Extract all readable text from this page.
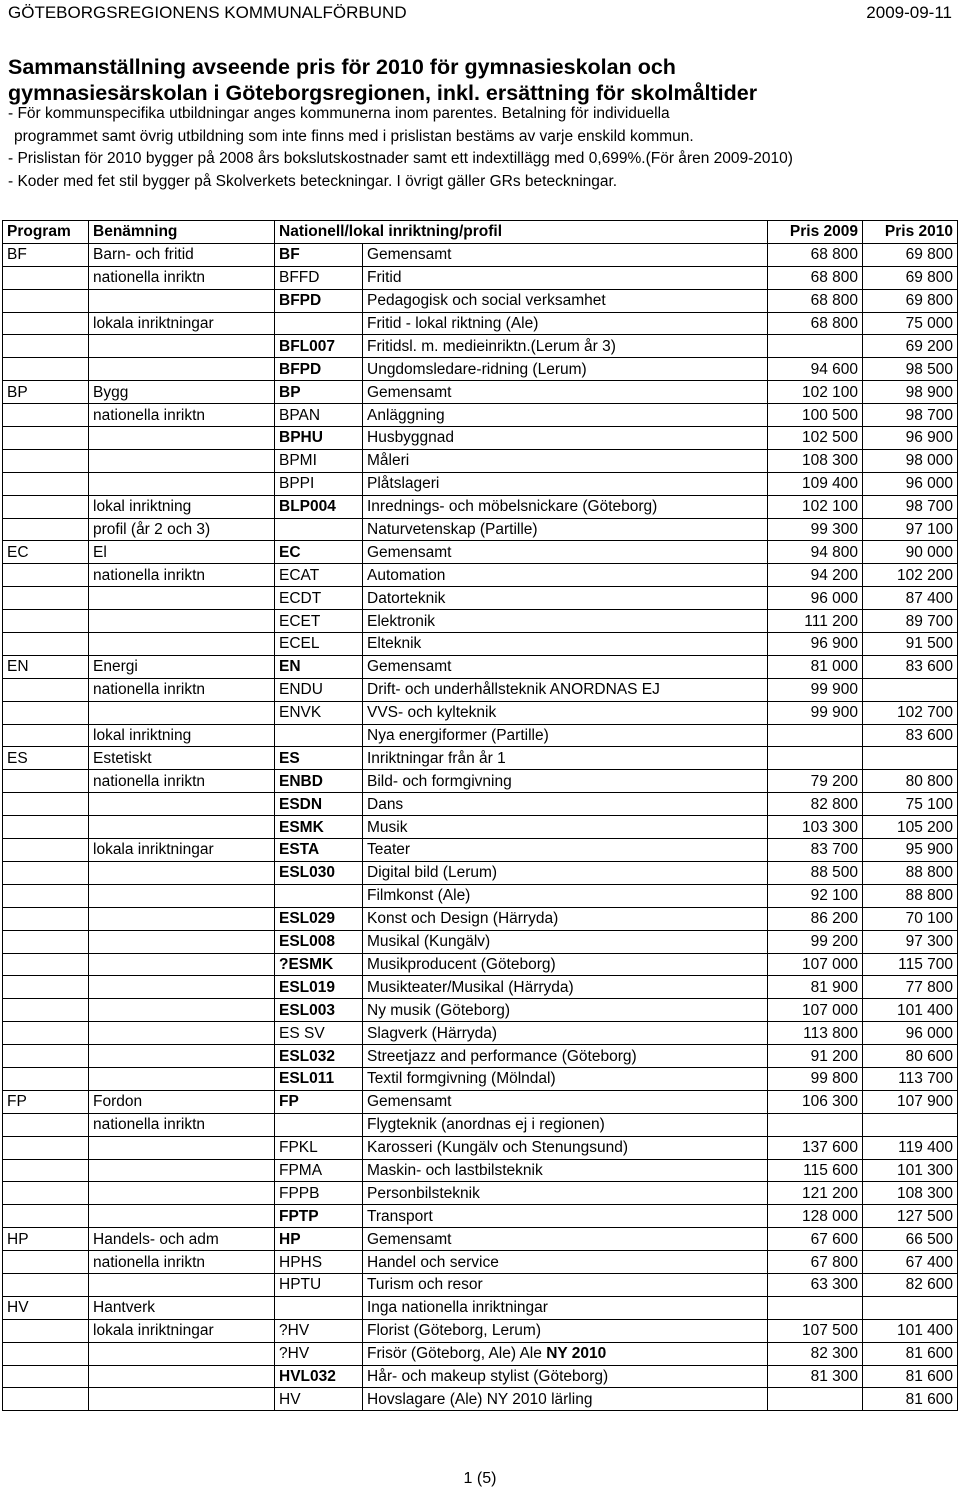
GÖTEBORGSREGIONENS KOMMUNALFÖRBUND	2009-09-11
Sammanställning avseende pris för 2010 för gymnasieskolan och
gymnasiesärskolan i Göteborgsregionen, inkl. ersättning för skolmåltider
- För kommunspecifika utbildningar anges kommunerna inom parentes. Betalning för individuella
programmet samt övrig utbildning som inte finns med i prislistan bestäms av varje enskild kommun.
- Prislistan för 2010 bygger på 2008 års bokslutskostnader samt ett indextillägg med 0,699%.(För åren 2009-2010)
- Koder med fet stil bygger på Skolverkets beteckningar. I övrigt gäller GRs beteckningar.
Program	Benämning	Nationell/lokal inriktning/profil		Pris 2009	Pris 2010
BF	Barn- och fritid	BF	Gemensamt	68 800	69 800
	nationella inriktn	BFFD	Fritid	68 800	69 800
		BFPD	Pedagogisk och social verksamhet	68 800	69 800
	lokala inriktningar		Fritid - lokal riktning (Ale)	68 800	75 000
		BFL007	Fritidsl. m. medieinriktn.(Lerum år 3)		69 200
		BFPD	Ungdomsledare-ridning (Lerum)	94 600	98 500
BP	Bygg	BP	Gemensamt	102 100	98 900
	nationella inriktn	BPAN	Anläggning	100 500	98 700
		BPHU	Husbyggnad	102 500	96 900
		BPMI	Måleri	108 300	98 000
		BPPI	Plåtslageri	109 400	96 000
	lokal inriktning	BLP004	Inrednings- och möbelsnickare (Göteborg)	102 100	98 700
	profil (år 2 och 3)		Naturvetenskap (Partille)	99 300	97 100
EC	El	EC	Gemensamt	94 800	90 000
	nationella inriktn	ECAT	Automation	94 200	102 200
		ECDT	Datorteknik	96 000	87 400
		ECET	Elektronik	111 200	89 700
		ECEL	Elteknik	96 900	91 500
EN	Energi	EN	Gemensamt	81 000	83 600
	nationella inriktn	ENDU	Drift- och underhållsteknik ANORDNAS EJ	99 900	
		ENVK	VVS- och kylteknik	99 900	102 700
	lokal inriktning		Nya energiformer (Partille)		83 600
ES	Estetiskt	ES	Inriktningar från år 1		
	nationella inriktn	ENBD	Bild- och formgivning	79 200	80 800
		ESDN	Dans	82 800	75 100
		ESMK	Musik	103 300	105 200
	lokala inriktningar	ESTA	Teater	83 700	95 900
		ESL030	Digital bild (Lerum)	88 500	88 800
			Filmkonst (Ale)	92 100	88 800
		ESL029	Konst och Design (Härryda)	86 200	70 100
		ESL008	Musikal (Kungälv)	99 200	97 300
		?ESMK	Musikproducent (Göteborg)	107 000	115 700
		ESL019	Musikteater/Musikal (Härryda)	81 900	77 800
		ESL003	Ny musik (Göteborg)	107 000	101 400
		ES SV	Slagverk (Härryda)	113 800	96 000
		ESL032	Streetjazz and performance (Göteborg)	91 200	80 600
		ESL011	Textil formgivning (Mölndal)	99 800	113 700
FP	Fordon	FP	Gemensamt	106 300	107 900
	nationella inriktn		Flygteknik (anordnas ej i regionen)		
		FPKL	Karosseri (Kungälv och Stenungsund)	137 600	119 400
		FPMA	Maskin- och lastbilsteknik	115 600	101 300
		FPPB	Personbilsteknik	121 200	108 300
		FPTP	Transport	128 000	127 500
HP	Handels- och adm	HP	Gemensamt	67 600	66 500
	nationella inriktn	HPHS	Handel och service	67 800	67 400
		HPTU	Turism och resor	63 300	82 600
HV	Hantverk		Inga nationella inriktningar		
	lokala inriktningar	?HV	Florist (Göteborg, Lerum)	107 500	101 400
		?HV	Frisör (Göteborg, Ale) Ale NY 2010	82 300	81 600
		HVL032	Hår- och makeup stylist (Göteborg)	81 300	81 600
		HV	Hovslagare (Ale) NY 2010 lärling		81 600
1 (5)
